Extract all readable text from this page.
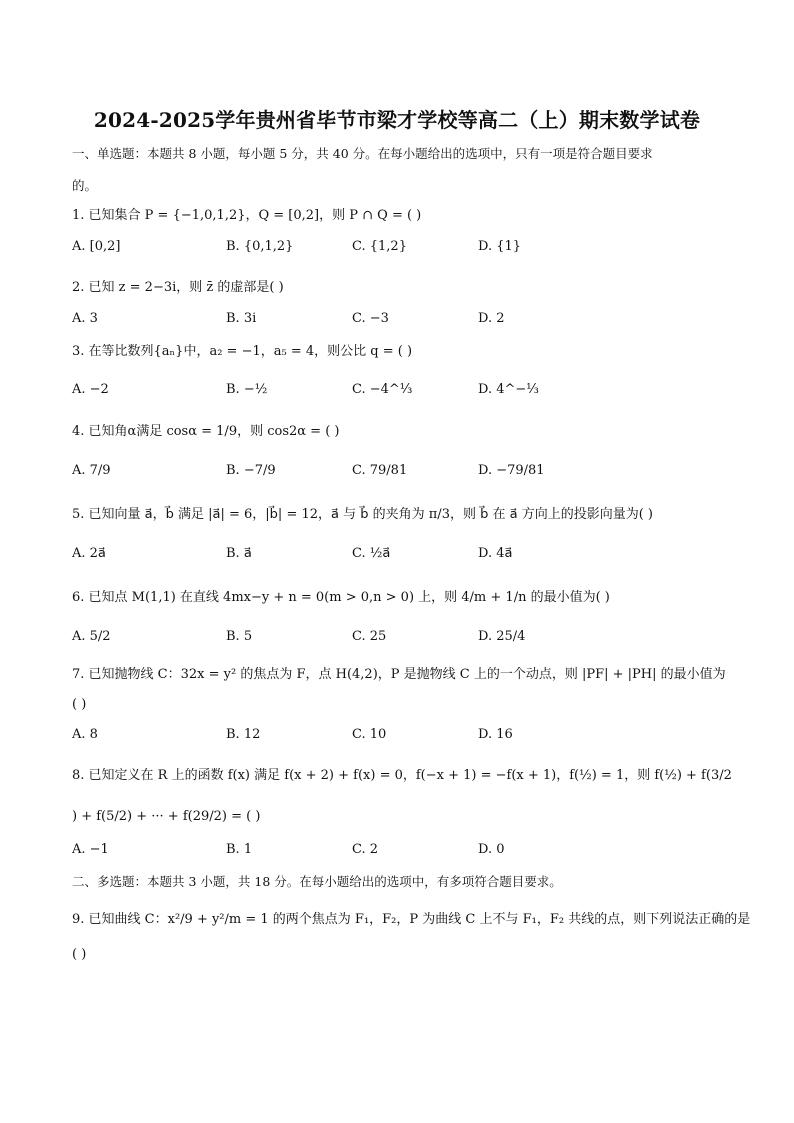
2024-2025学年贵州省毕节市梁才学校等高二（上）期末数学试卷
一、单选题：本题共 8 小题，每小题 5 分，共 40 分。在每小题给出的选项中，只有一项是符合题目要求
的。
1. 已知集合 P = {−1,0,1,2}，Q = [0,2]，则 P ∩ Q = ( )
A. [0,2]	B. {0,1,2}	C. {1,2}	D. {1}
2. 已知 z = 2−3i，则 z̄ 的虚部是( )
A. 3	B. 3i	C. −3	D. 2
3. 在等比数列{aₙ}中，a₂ = −1，a₅ = 4，则公比 q = ( )
A. −2	B. −½	C. −4^⅓	D. 4^−⅓
4. 已知角α满足 cosα = 1/9，则 cos2α = ( )
A. 7/9	B. −7/9	C. 79/81	D. −79/81
5. 已知向量 a⃗，b⃗ 满足 |a⃗| = 6，|b⃗| = 12，a⃗ 与 b⃗ 的夹角为 π/3，则 b⃗ 在 a⃗ 方向上的投影向量为( )
A. 2a⃗	B. a⃗	C. ½a⃗	D. 4a⃗
6. 已知点 M(1,1) 在直线 4mx−y + n = 0(m > 0,n > 0) 上，则 4/m + 1/n 的最小值为( )
A. 5/2	B. 5	C. 25	D. 25/4
7. 已知抛物线 C：32x = y² 的焦点为 F，点 H(4,2)，P 是抛物线 C 上的一个动点，则 |PF| + |PH| 的最小值为
( )
A. 8	B. 12	C. 10	D. 16
8. 已知定义在 R 上的函数 f(x) 满足 f(x + 2) + f(x) = 0，f(−x + 1) = −f(x + 1)，f(½) = 1，则 f(½) + f(3/2
) + f(5/2) + ··· + f(29/2) = ( )
A. −1	B. 1	C. 2	D. 0
二、多选题：本题共 3 小题，共 18 分。在每小题给出的选项中，有多项符合题目要求。
9. 已知曲线 C：x²/9 + y²/m = 1 的两个焦点为 F₁，F₂，P 为曲线 C 上不与 F₁，F₂ 共线的点，则下列说法正确的是
( )
